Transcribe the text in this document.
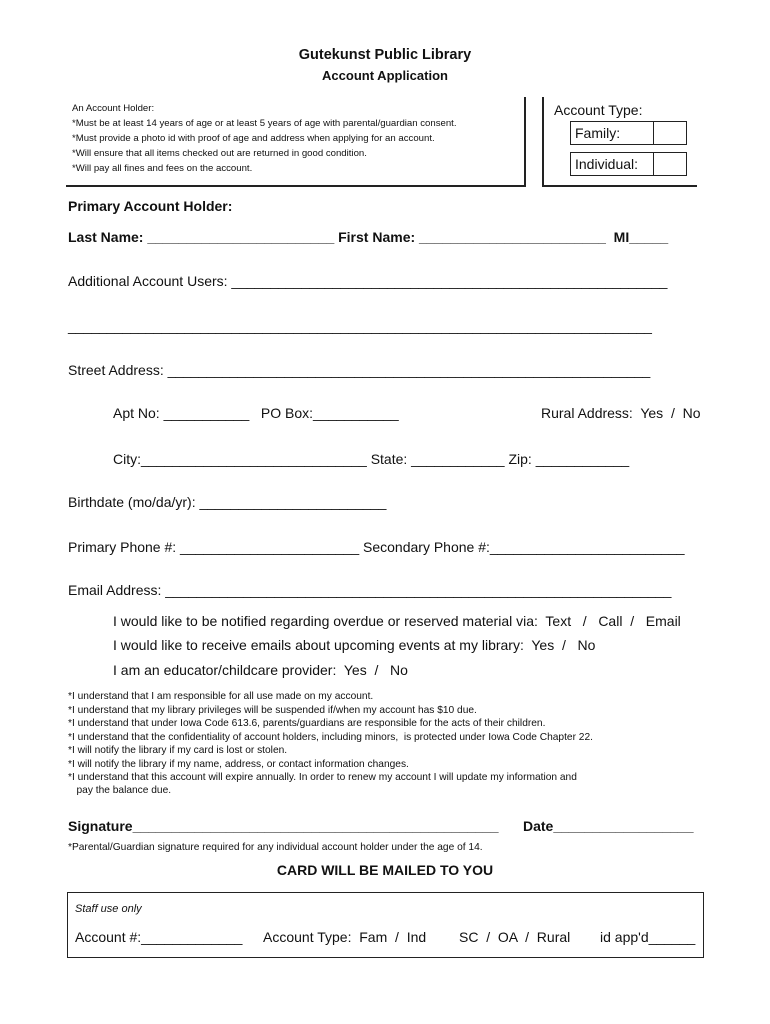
Gutekunst Public Library
Account Application
An Account Holder:
*Must be at least 14 years of age or at least 5 years of age with parental/guardian consent.
*Must provide a photo id with proof of age and address when applying for an account.
*Will ensure that all items checked out are returned in good condition.
*Will pay all fines and fees on the account.
Account Type:
Family:
Individual:
Primary Account Holder:
Last Name: ________________________ First Name: ________________________  MI_____
Additional Account Users: ________________________________________________________
___________________________________________________________________________
Street Address: ______________________________________________________________
Apt No: ___________   PO Box:___________	Rural Address:  Yes  /  No
City:_____________________________ State: ____________ Zip: ____________
Birthdate (mo/da/yr): ________________________
Primary Phone #: _______________________ Secondary Phone #:_________________________
Email Address: _________________________________________________________________
I would like to be notified regarding overdue or reserved material via:  Text   /   Call  /   Email
I would like to receive emails about upcoming events at my library:  Yes  /   No
I am an educator/childcare provider:  Yes  /   No
*I understand that I am responsible for all use made on my account.
*I understand that my library privileges will be suspended if/when my account has $10 due.
*I understand that under Iowa Code 613.6, parents/guardians are responsible for the acts of their children.
*I understand that the confidentiality of account holders, including minors,  is protected under Iowa Code Chapter 22.
*I will notify the library if my card is lost or stolen.
*I will notify the library if my name, address, or contact information changes.
*I understand that this account will expire annually. In order to renew my account I will update my information and
pay the balance due.
Signature_______________________________________________ Date__________________
*Parental/Guardian signature required for any individual account holder under the age of 14.
CARD WILL BE MAILED TO YOU
Staff use only
Account #:_____________ Account Type:  Fam  /  Ind SC  /  OA  /  Rural id app'd______
